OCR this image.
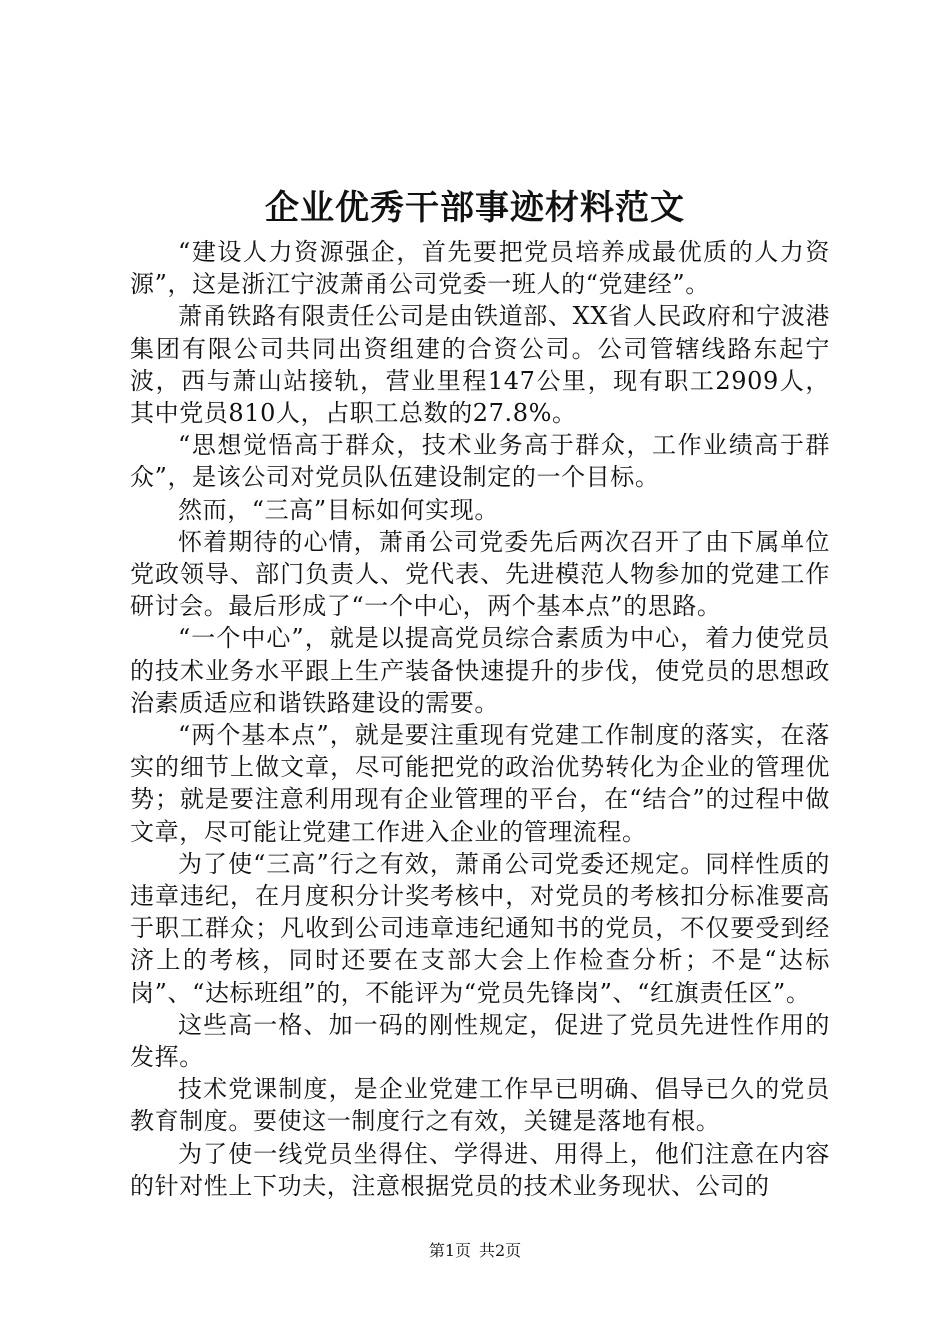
企业优秀干部事迹材料范文

“建设人力资源强企，首先要把党员培养成最优质的人力资源”，这是浙江宁波萧甬公司党委一班人的“党建经”。

萧甬铁路有限责任公司是由铁道部、XX省人民政府和宁波港集团有限公司共同出资组建的合资公司。公司管辖线路东起宁波，西与萧山站接轨，营业里程147公里，现有职工2909人，其中党员810人，占职工总数的27.8%。

“思想觉悟高于群众，技术业务高于群众，工作业绩高于群众”，是该公司对党员队伍建设制定的一个目标。

然而，“三高”目标如何实现。

怀着期待的心情，萧甬公司党委先后两次召开了由下属单位党政领导、部门负责人、党代表、先进模范人物参加的党建工作研讨会。最后形成了“一个中心，两个基本点”的思路。

“一个中心”，就是以提高党员综合素质为中心，着力使党员的技术业务水平跟上生产装备快速提升的步伐，使党员的思想政治素质适应和谐铁路建设的需要。

“两个基本点”，就是要注重现有党建工作制度的落实，在落实的细节上做文章，尽可能把党的政治优势转化为企业的管理优势；就是要注意利用现有企业管理的平台，在“结合”的过程中做文章，尽可能让党建工作进入企业的管理流程。

为了使“三高”行之有效，萧甬公司党委还规定。同样性质的违章违纪，在月度积分计奖考核中，对党员的考核扣分标准要高于职工群众；凡收到公司违章违纪通知书的党员，不仅要受到经济上的考核，同时还要在支部大会上作检查分析；不是“达标岗”、“达标班组”的，不能评为“党员先锋岗”、“红旗责任区”。

这些高一格、加一码的刚性规定，促进了党员先进性作用的发挥。

技术党课制度，是企业党建工作早已明确、倡导已久的党员教育制度。要使这一制度行之有效，关键是落地有根。

为了使一线党员坐得住、学得进、用得上，他们注意在内容的针对性上下功夫，注意根据党员的技术业务现状、公司的

第1页 共2页
